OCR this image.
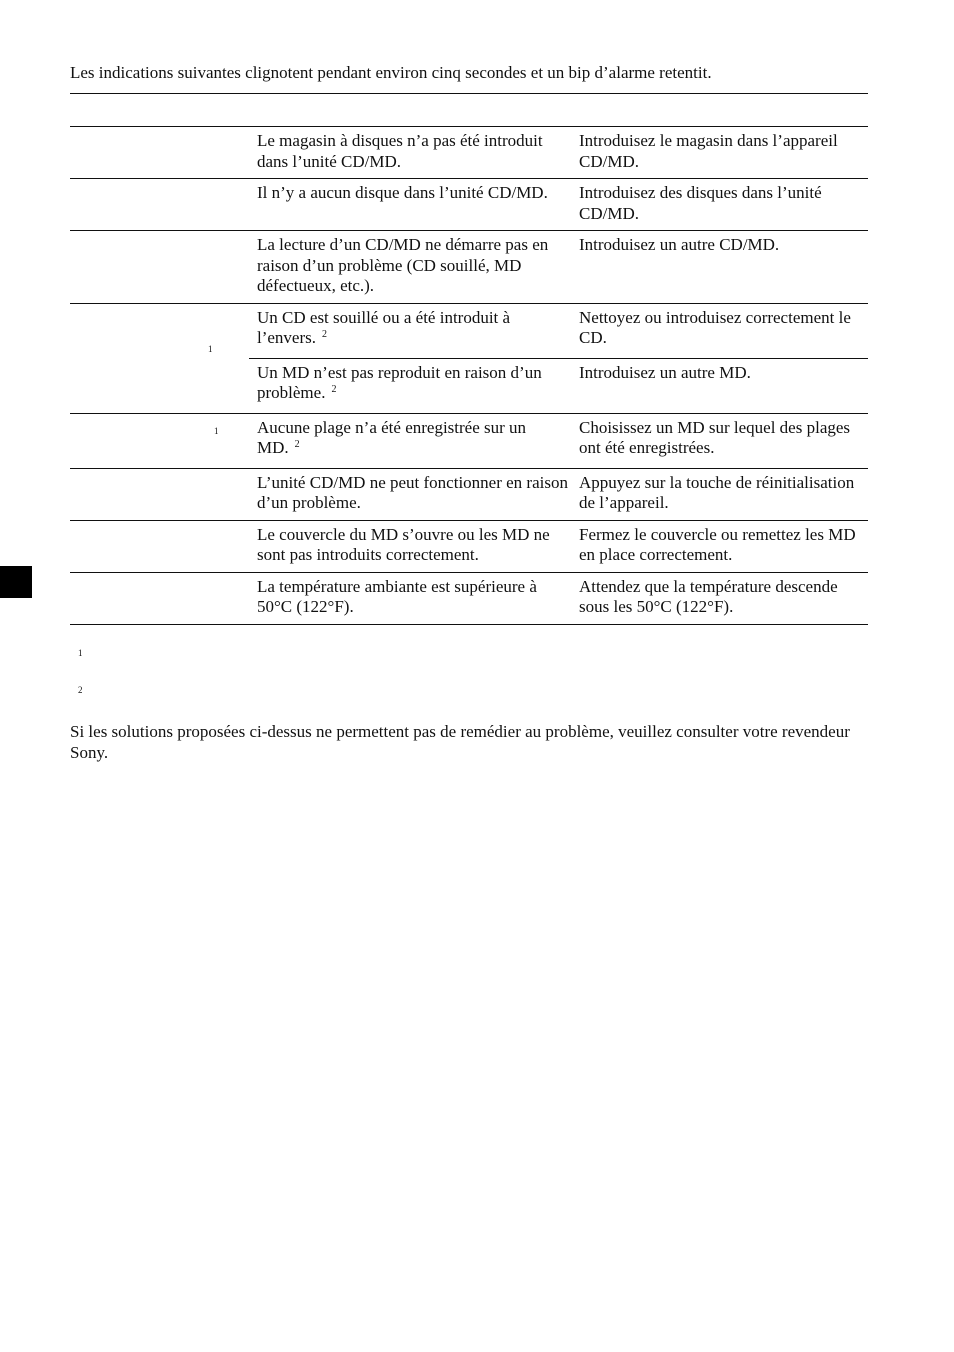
Les indications suivantes clignotent pendant environ cinq secondes et un bip d’alarme retentit.

	Le magasin à disques n’a pas été introduit dans l’unité CD/MD.	Introduisez le magasin dans l’appareil CD/MD.
	Il n’y a aucun disque dans l’unité CD/MD.	Introduisez des disques dans l’unité CD/MD.
	La lecture d’un CD/MD ne démarre pas en raison d’un problème (CD souillé, MD défectueux, etc.).	Introduisez un autre CD/MD.

1	Un CD est souillé ou a été introduit à l’envers. $^2$	Nettoyez ou introduisez correctement le CD.
	Un MD n’est pas reproduit en raison d’un problème. $^2$	Introduisez un autre MD.

1	Aucune plage n’a été enregistrée sur un MD. $^2$	Choisissez un MD sur lequel des plages ont été enregistrées.
	L’unité CD/MD ne peut fonctionner en raison d’un problème.	Appuyez sur la touche de réinitialisation de l’appareil.
	Le couvercle du MD s’ouvre ou les MD ne sont pas introduits correctement.	Fermez le couvercle ou remettez les MD en place correctement.
	La température ambiante est supérieure à 50°C (122°F).	Attendez que la température descende sous les 50°C (122°F).
1
2

Si les solutions proposées ci-dessus ne permettent pas de remédier au problème, veuillez consulter votre revendeur Sony.
